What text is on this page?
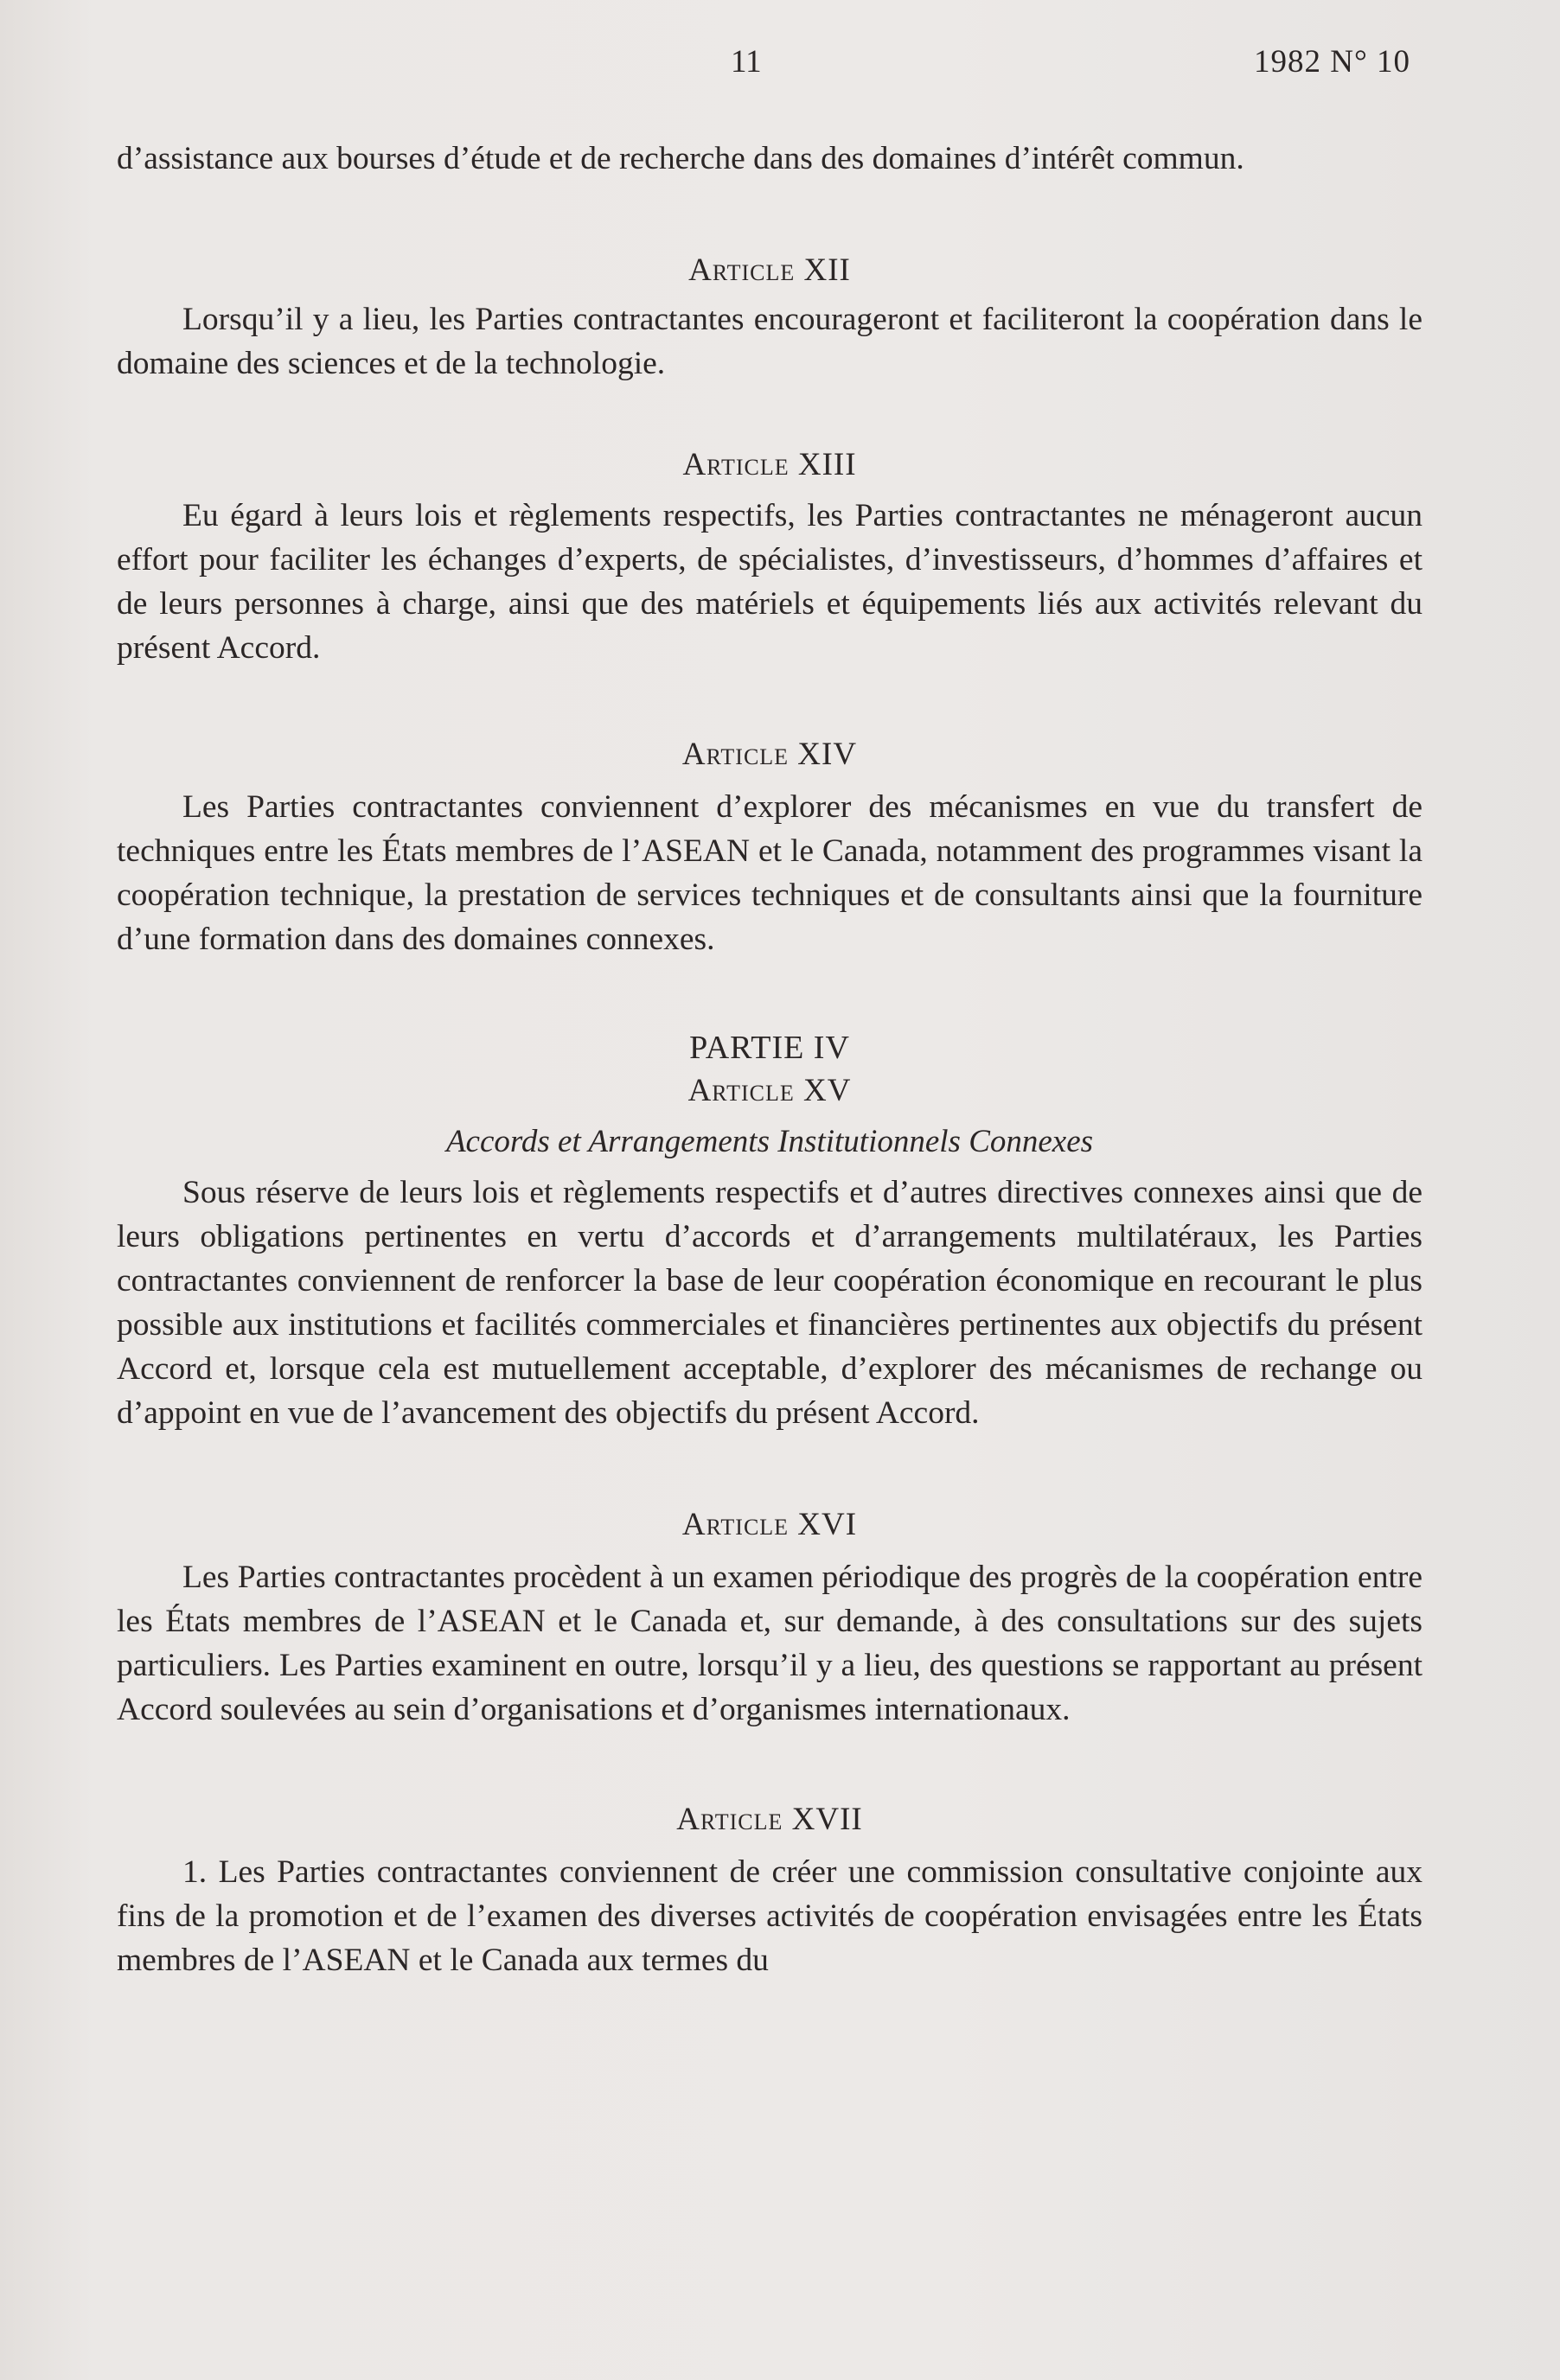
11	1982 N° 10

d’assistance aux bourses d’étude et de recherche dans des domaines d’intérêt commun.

Article XII

Lorsqu’il y a lieu, les Parties contractantes encourageront et faciliteront la coopération dans le domaine des sciences et de la technologie.

Article XIII

Eu égard à leurs lois et règlements respectifs, les Parties contractantes ne ménageront aucun effort pour faciliter les échanges d’experts, de spécialistes, d’investisseurs, d’hommes d’affaires et de leurs personnes à charge, ainsi que des matériels et équipements liés aux activités relevant du présent Accord.

Article XIV

Les Parties contractantes conviennent d’explorer des mécanismes en vue du transfert de techniques entre les États membres de l’ASEAN et le Canada, notamment des programmes visant la coopération technique, la prestation de services techniques et de consultants ainsi que la fourniture d’une formation dans des domaines connexes.

PARTIE IV

Article XV

Accords et Arrangements Institutionnels Connexes

Sous réserve de leurs lois et règlements respectifs et d’autres directives connexes ainsi que de leurs obligations pertinentes en vertu d’accords et d’arrangements multilatéraux, les Parties contractantes conviennent de renforcer la base de leur coopération économique en recourant le plus possible aux institutions et facilités commerciales et financières pertinentes aux objectifs du présent Accord et, lorsque cela est mutuellement acceptable, d’explorer des mécanismes de rechange ou d’appoint en vue de l’avancement des objectifs du présent Accord.

Article XVI

Les Parties contractantes procèdent à un examen périodique des progrès de la coopération entre les États membres de l’ASEAN et le Canada et, sur demande, à des consultations sur des sujets particuliers. Les Parties examinent en outre, lorsqu’il y a lieu, des questions se rapportant au présent Accord soulevées au sein d’organisations et d’organismes internationaux.

Article XVII

1. Les Parties contractantes conviennent de créer une commission consultative conjointe aux fins de la promotion et de l’examen des diverses activités de coopération envisagées entre les États membres de l’ASEAN et le Canada aux termes du
